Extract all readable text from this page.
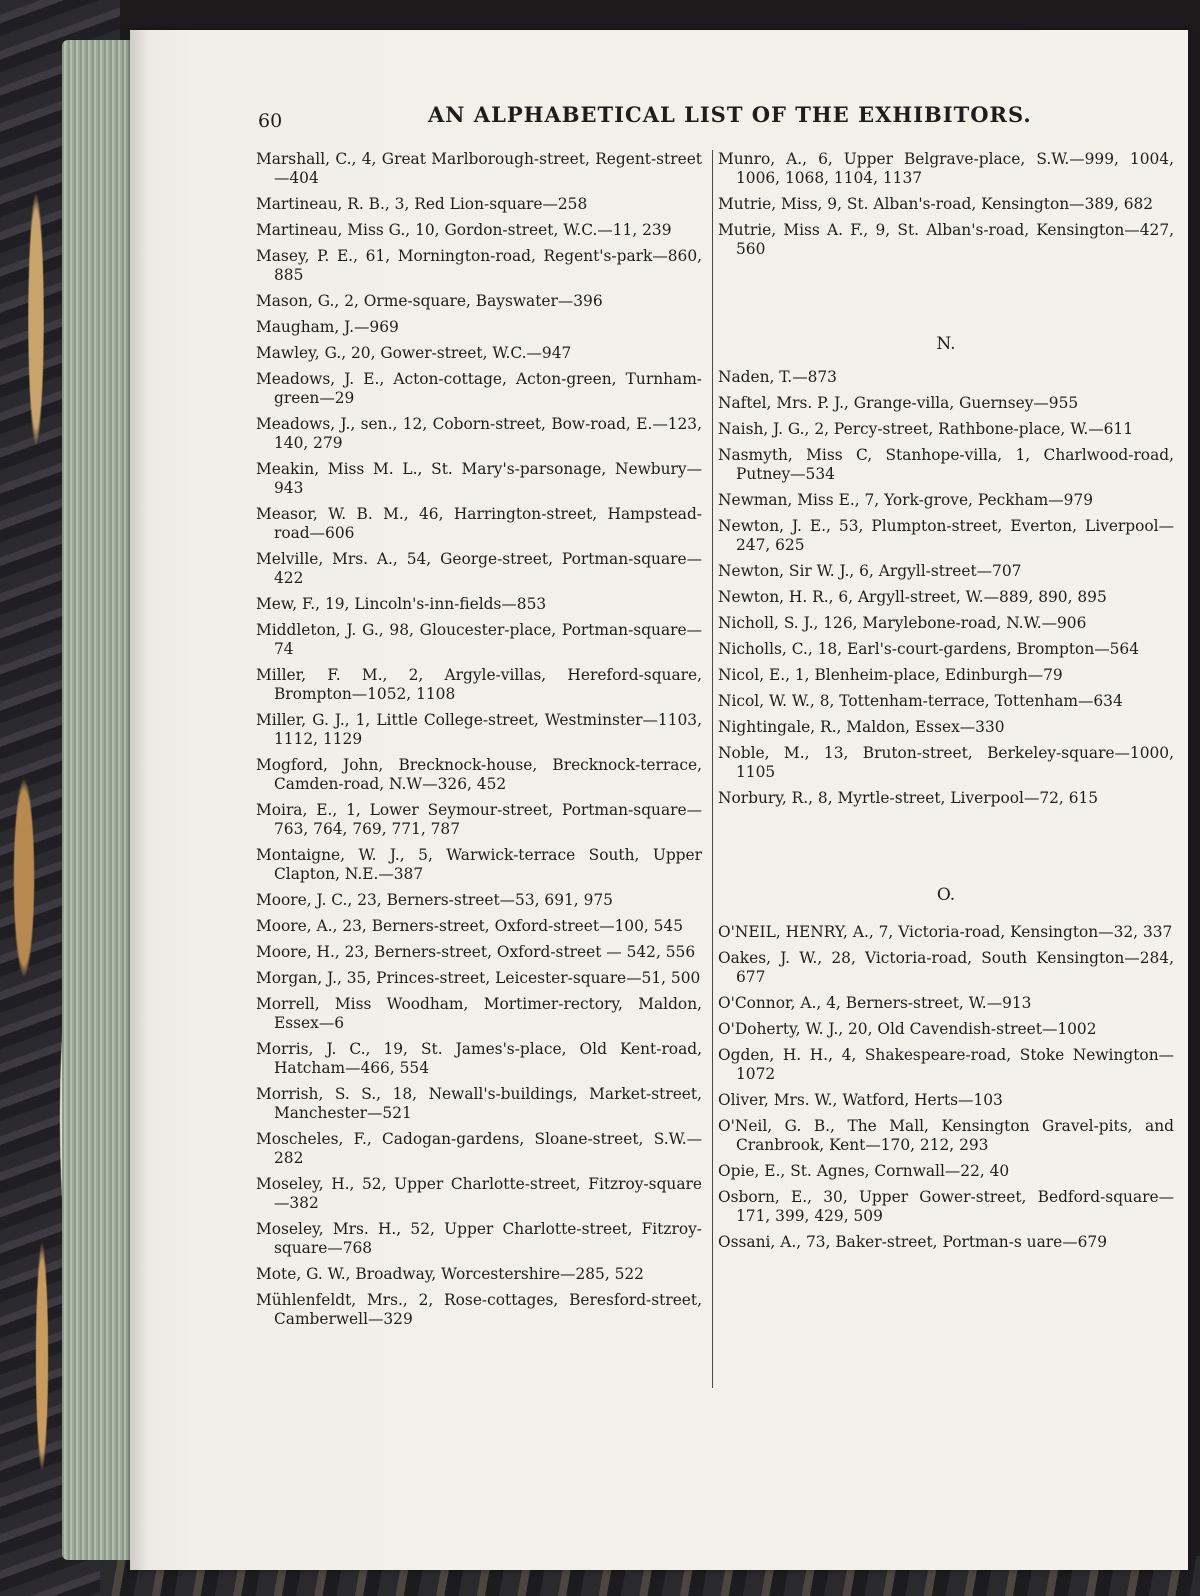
60	AN ALPHABETICAL LIST OF THE EXHIBITORS.
Marshall, C., 4, Great Marlborough-street, Regent-street—404
Martineau, R. B., 3, Red Lion-square—258
Martineau, Miss G., 10, Gordon-street, W.C.—11, 239
Masey, P. E., 61, Mornington-road, Regent's-park—860, 885
Mason, G., 2, Orme-square, Bayswater—396
Maugham, J.—969
Mawley, G., 20, Gower-street, W.C.—947
Meadows, J. E., Acton-cottage, Acton-green, Turnham-green—29
Meadows, J., sen., 12, Coborn-street, Bow-road, E.—123, 140, 279
Meakin, Miss M. L., St. Mary's-parsonage, Newbury—943
Measor, W. B. M., 46, Harrington-street, Hampstead-road—606
Melville, Mrs. A., 54, George-street, Portman-square—422
Mew, F., 19, Lincoln's-inn-fields—853
Middleton, J. G., 98, Gloucester-place, Portman-square—74
Miller, F. M., 2, Argyle-villas, Hereford-square, Brompton—1052, 1108
Miller, G. J., 1, Little College-street, Westminster—1103, 1112, 1129
Mogford, John, Brecknock-house, Brecknock-terrace, Camden-road, N.W—326, 452
Moira, E., 1, Lower Seymour-street, Portman-square—763, 764, 769, 771, 787
Montaigne, W. J., 5, Warwick-terrace South, Upper Clapton, N.E.—387
Moore, J. C., 23, Berners-street—53, 691, 975
Moore, A., 23, Berners-street, Oxford-street—100, 545
Moore, H., 23, Berners-street, Oxford-street — 542, 556
Morgan, J., 35, Princes-street, Leicester-square—51, 500
Morrell, Miss Woodham, Mortimer-rectory, Maldon, Essex—6
Morris, J. C., 19, St. James's-place, Old Kent-road, Hatcham—466, 554
Morrish, S. S., 18, Newall's-buildings, Market-street, Manchester—521
Moscheles, F., Cadogan-gardens, Sloane-street, S.W.—282
Moseley, H., 52, Upper Charlotte-street, Fitzroy-square—382
Moseley, Mrs. H., 52, Upper Charlotte-street, Fitzroy-square—768
Mote, G. W., Broadway, Worcestershire—285, 522
Mühlenfeldt, Mrs., 2, Rose-cottages, Beresford-street, Camberwell—329
Munro, A., 6, Upper Belgrave-place, S.W.—999, 1004, 1006, 1068, 1104, 1137
Mutrie, Miss, 9, St. Alban's-road, Kensington—389, 682
Mutrie, Miss A. F., 9, St. Alban's-road, Kensington—427, 560

N.

Naden, T.—873
Naftel, Mrs. P. J., Grange-villa, Guernsey—955
Naish, J. G., 2, Percy-street, Rathbone-place, W.—611
Nasmyth, Miss C, Stanhope-villa, 1, Charlwood-road, Putney—534
Newman, Miss E., 7, York-grove, Peckham—979
Newton, J. E., 53, Plumpton-street, Everton, Liverpool—247, 625
Newton, Sir W. J., 6, Argyll-street—707
Newton, H. R., 6, Argyll-street, W.—889, 890, 895
Nicholl, S. J., 126, Marylebone-road, N.W.—906
Nicholls, C., 18, Earl's-court-gardens, Brompton—564
Nicol, E., 1, Blenheim-place, Edinburgh—79
Nicol, W. W., 8, Tottenham-terrace, Tottenham—634
Nightingale, R., Maldon, Essex—330
Noble, M., 13, Bruton-street, Berkeley-square—1000, 1105
Norbury, R., 8, Myrtle-street, Liverpool—72, 615

O.

O'NEIL, HENRY, A., 7, Victoria-road, Kensington—32, 337
Oakes, J. W., 28, Victoria-road, South Kensington—284, 677
O'Connor, A., 4, Berners-street, W.—913
O'Doherty, W. J., 20, Old Cavendish-street—1002
Ogden, H. H., 4, Shakespeare-road, Stoke Newington—1072
Oliver, Mrs. W., Watford, Herts—103
O'Neil, G. B., The Mall, Kensington Gravel-pits, and Cranbrook, Kent—170, 212, 293
Opie, E., St. Agnes, Cornwall—22, 40
Osborn, E., 30, Upper Gower-street, Bedford-square—171, 399, 429, 509
Ossani, A., 73, Baker-street, Portman-s uare—679
